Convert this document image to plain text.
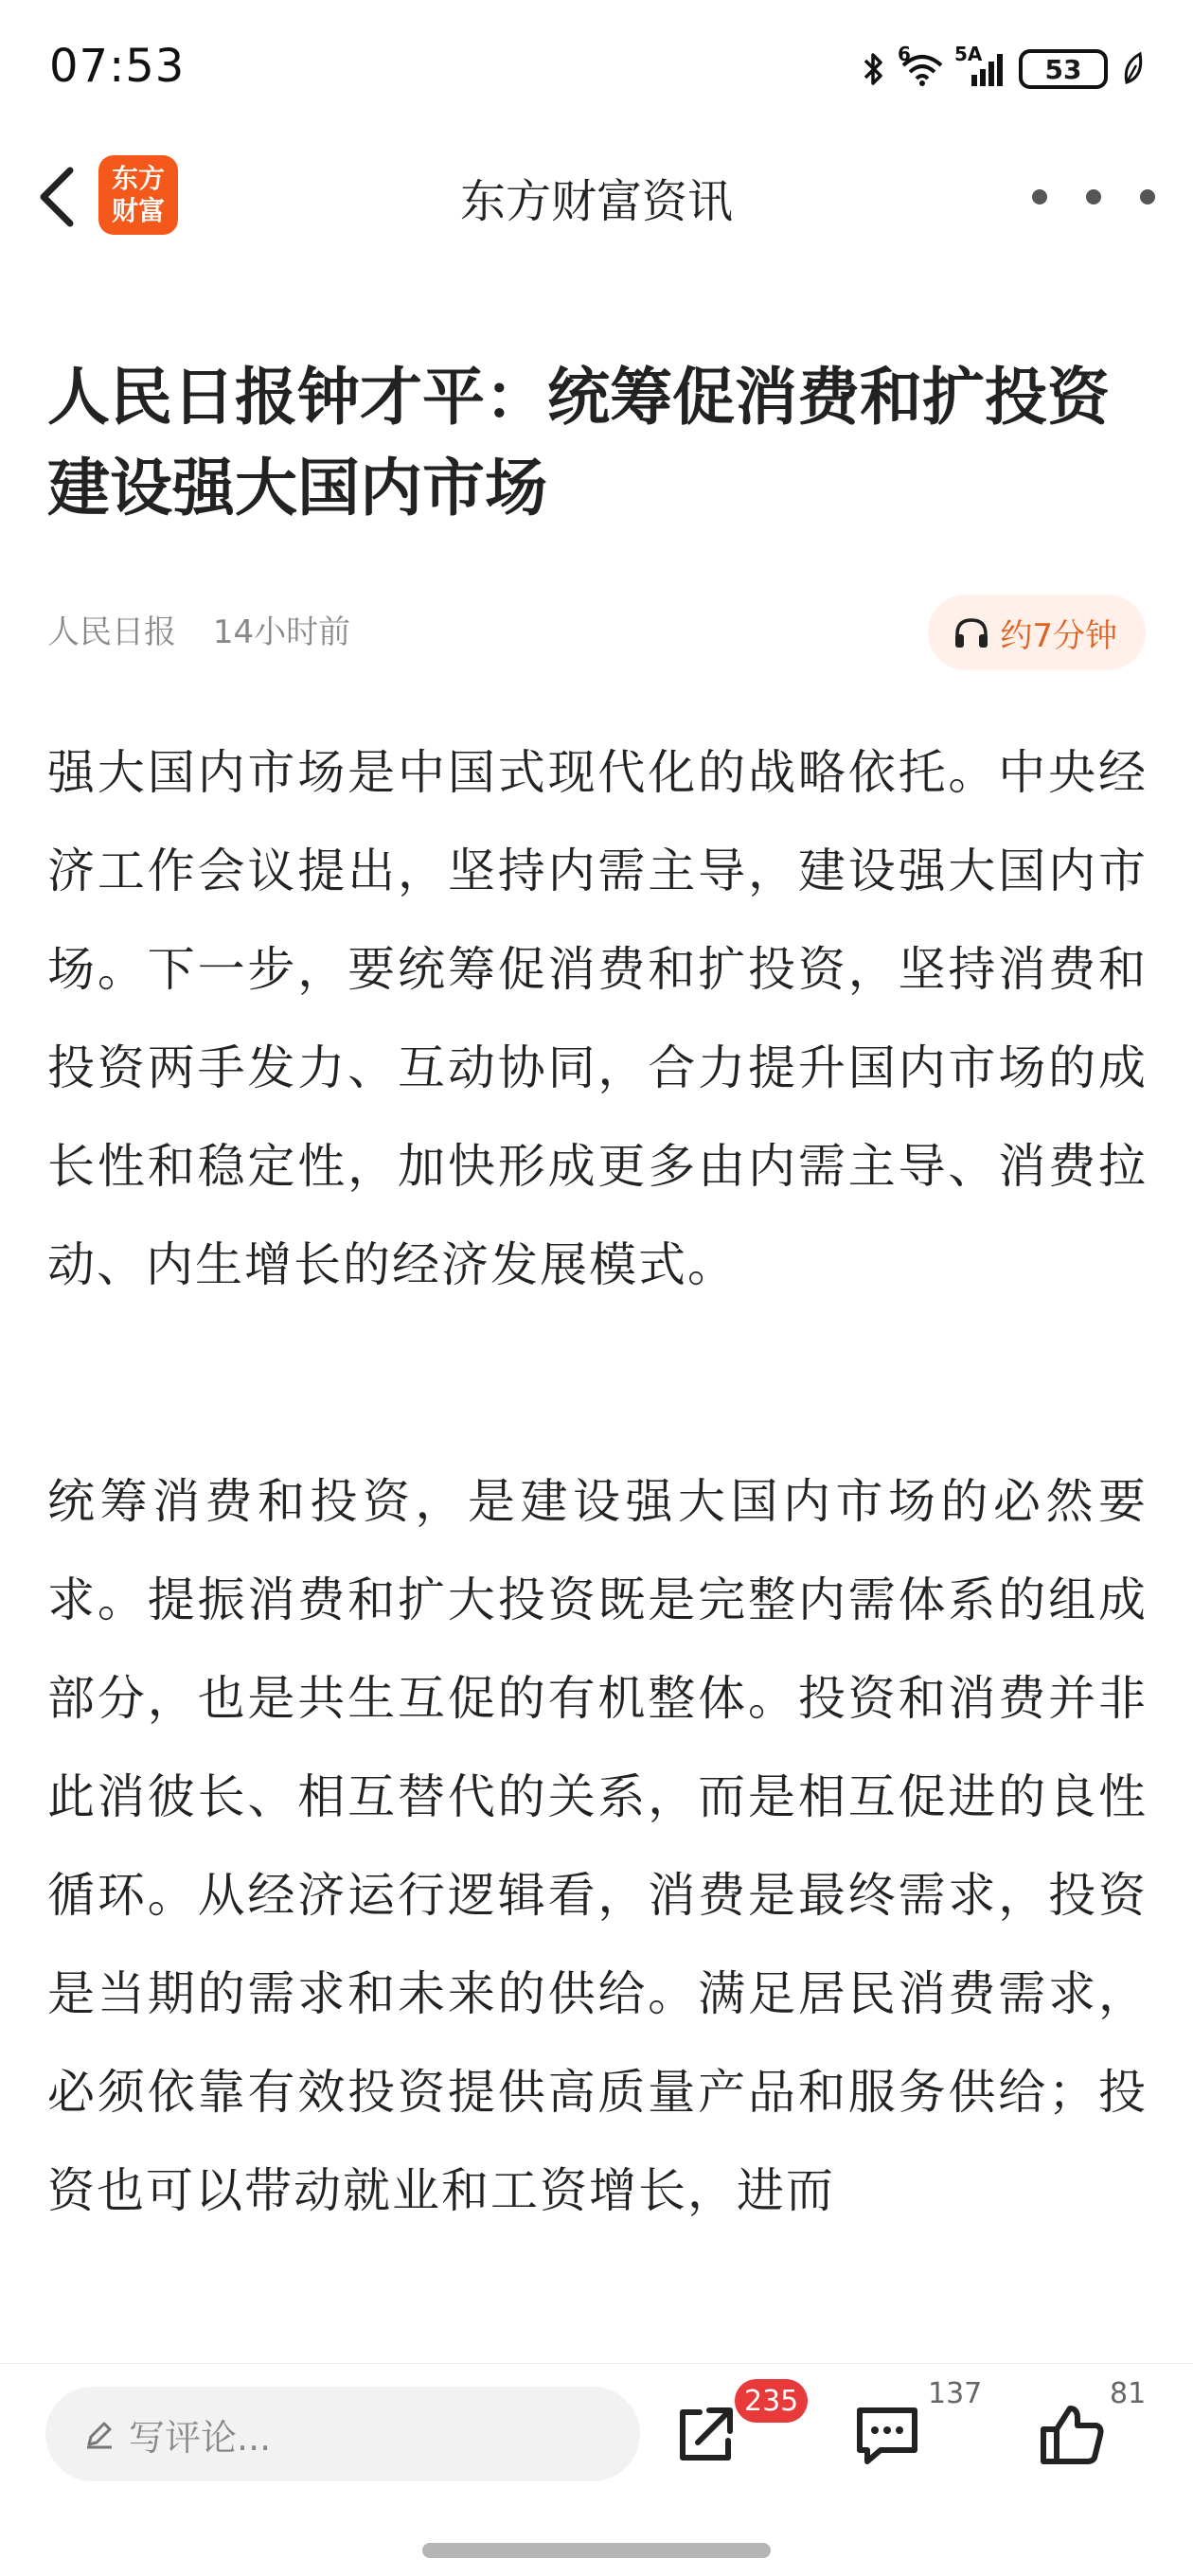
07:53	6 5A 53
东方
财富	东方财富资讯
人民日报钟才平：统筹促消费和扩投资 建设强大国内市场
人民日报 14小时前	约7分钟

强大国内市场是中国式现代化的战略依托。中央经济工作会议提出，坚持内需主导，建设强大国内市场。下一步，要统筹促消费和扩投资，坚持消费和投资两手发力、互动协同，合力提升国内市场的成长性和稳定性，加快形成更多由内需主导、消费拉动、内生增长的经济发展模式。

统筹消费和投资，是建设强大国内市场的必然要求。提振消费和扩大投资既是完整内需体系的组成部分，也是共生互促的有机整体。投资和消费并非此消彼长、相互替代的关系，而是相互促进的良性循环。从经济运行逻辑看，消费是最终需求，投资是当期的需求和未来的供给。满足居民消费需求，必须依靠有效投资提供高质量产品和服务供给；投资也可以带动就业和工资增长，进而

写评论...
235	137	81
